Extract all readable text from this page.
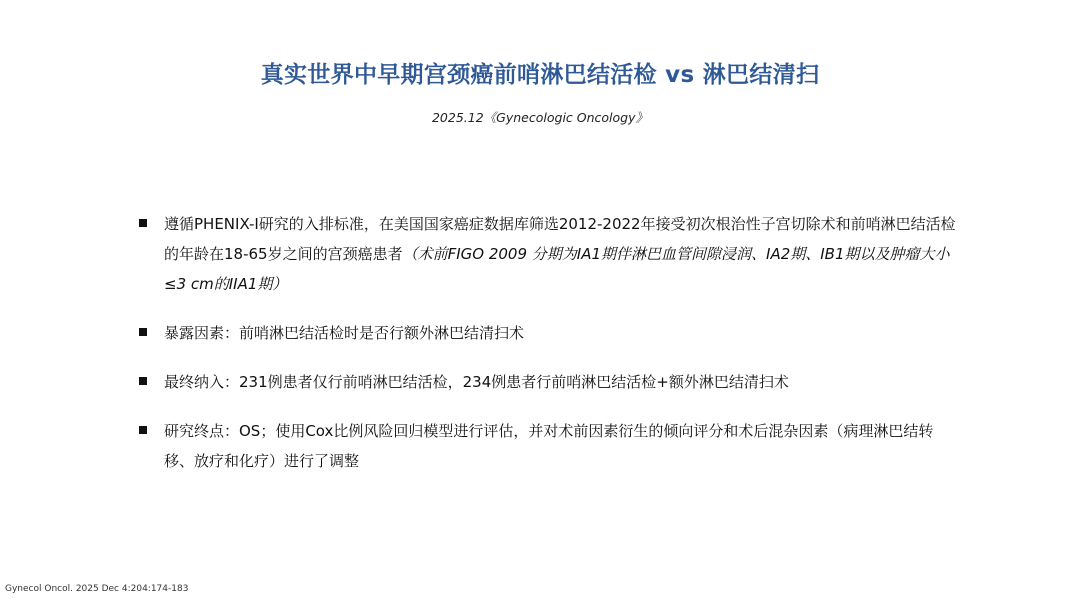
真实世界中早期宫颈癌前哨淋巴结活检 vs 淋巴结清扫
2025.12《Gynecologic Oncology》
遵循PHENIX-I研究的入排标准，在美国国家癌症数据库筛选2012-2022年接受初次根治性子宫切除术和前哨淋巴结活检的年龄在18-65岁之间的宫颈癌患者（术前FIGO 2009 分期为IA1期伴淋巴血管间隙浸润、IA2期、IB1期以及肿瘤大小≤3 cm的IIA1期）
暴露因素：前哨淋巴结活检时是否行额外淋巴结清扫术
最终纳入：231例患者仅行前哨淋巴结活检，234例患者行前哨淋巴结活检+额外淋巴结清扫术
研究终点：OS；使用Cox比例风险回归模型进行评估，并对术前因素衍生的倾向评分和术后混杂因素（病理淋巴结转移、放疗和化疗）进行了调整
Gynecol Oncol. 2025 Dec 4:204:174-183
